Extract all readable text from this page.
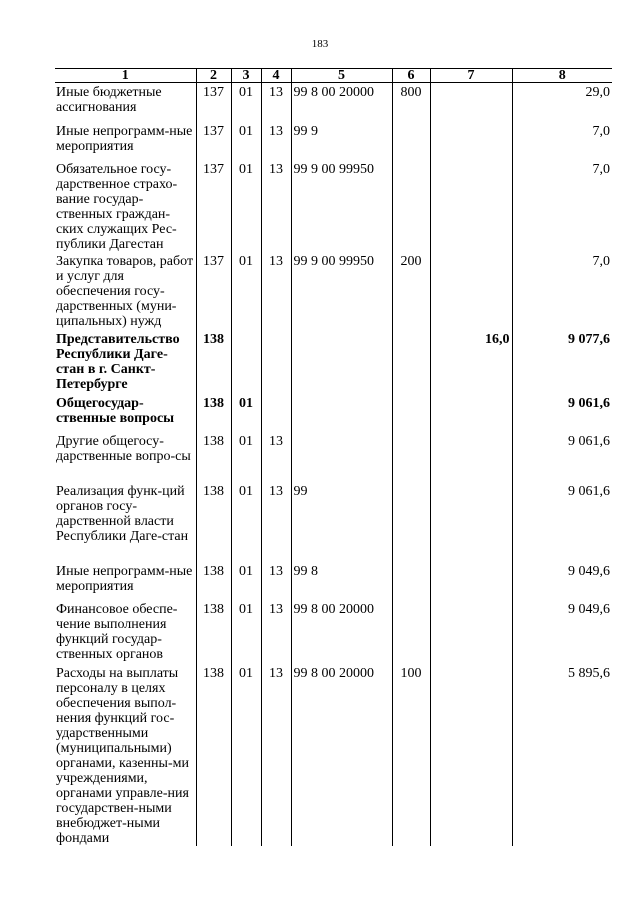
183
1	2	3	4	5	6	7	8
Иные бюджетные ассигнования	137	01	13	99 8 00 20000	800		29,0
Иные непрограмм-ные мероприятия	137	01	13	99 9			7,0
Обязательное госу-дарственное страхо-вание государ-ственных граждан-ских служащих Рес-публики Дагестан	137	01	13	99 9 00 99950			7,0
Закупка товаров, работ и услуг для обеспечения госу-дарственных (муни-ципальных) нужд	137	01	13	99 9 00 99950	200		7,0
Представительство Республики Даге-стан в г. Санкт-Петербурге	138					16,0	9 077,6
Общегосудар-ственные вопросы	138	01					9 061,6
Другие общегосу-дарственные вопро-сы	138	01	13				9 061,6
Реализация функ-ций органов госу-дарственной власти Республики Даге-стан	138	01	13	99			9 061,6
Иные непрограмм-ные мероприятия	138	01	13	99 8			9 049,6
Финансовое обеспе-чение выполнения функций государ-ственных органов	138	01	13	99 8 00 20000			9 049,6
Расходы на выплаты персоналу в целях обеспечения выпол-нения функций гос-ударственными (муниципальными) органами, казенны-ми учреждениями, органами управле-ния государствен-ными внебюджет-ными фондами	138	01	13	99 8 00 20000	100		5 895,6
